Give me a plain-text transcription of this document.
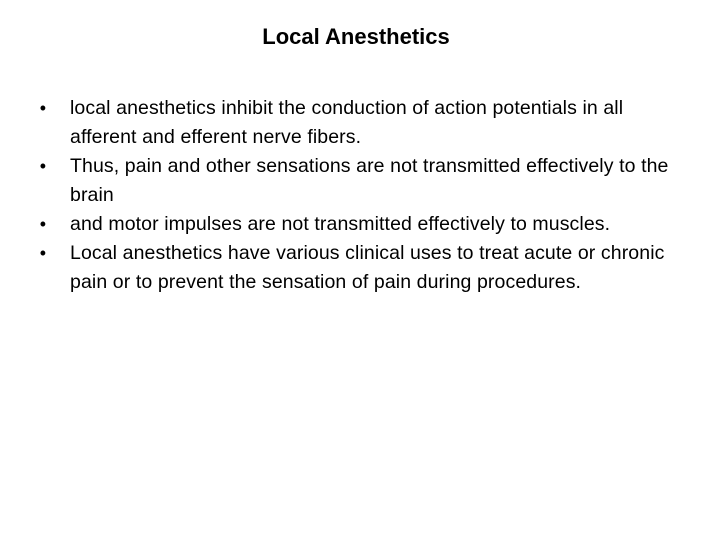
Local Anesthetics
• local anesthetics inhibit the conduction of action potentials in all afferent and efferent nerve fibers.
• Thus, pain and other sensations are not transmitted effectively to the brain
• and motor impulses are not transmitted effectively to muscles.
• Local anesthetics have various clinical uses to treat acute or chronic pain or to prevent the sensation of pain during procedures.
